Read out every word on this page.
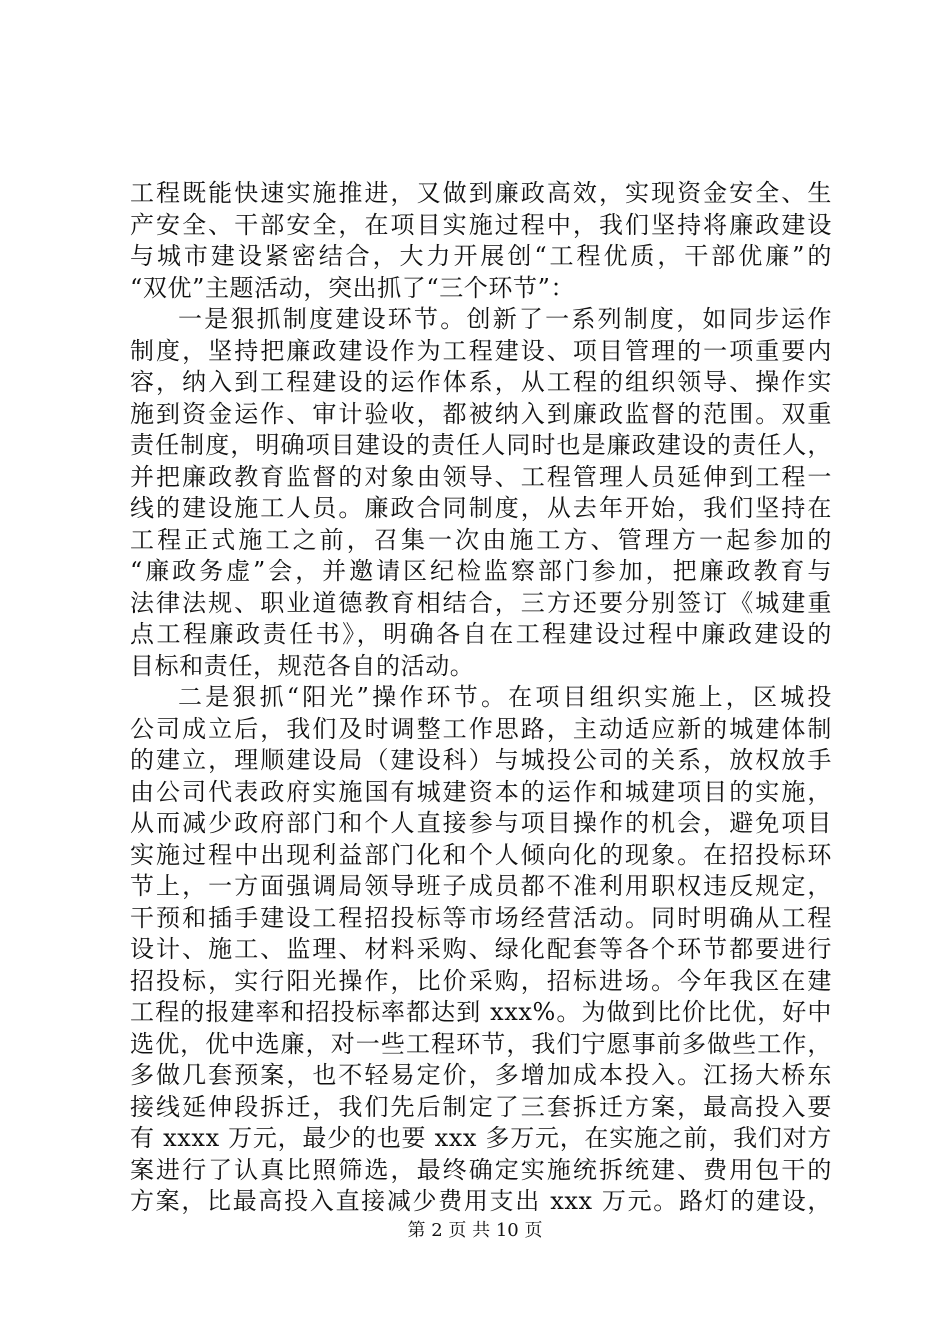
工程既能快速实施推进，又做到廉政高效，实现资金安全、生
产安全、干部安全，在项目实施过程中，我们坚持将廉政建设
与城市建设紧密结合，大力开展创“工程优质，干部优廉”的
“双优”主题活动，突出抓了“三个环节”：
一是狠抓制度建设环节。创新了一系列制度，如同步运作
制度，坚持把廉政建设作为工程建设、项目管理的一项重要内
容，纳入到工程建设的运作体系，从工程的组织领导、操作实
施到资金运作、审计验收，都被纳入到廉政监督的范围。双重
责任制度，明确项目建设的责任人同时也是廉政建设的责任人，
并把廉政教育监督的对象由领导、工程管理人员延伸到工程一
线的建设施工人员。廉政合同制度，从去年开始，我们坚持在
工程正式施工之前，召集一次由施工方、管理方一起参加的
“廉政务虚”会，并邀请区纪检监察部门参加，把廉政教育与
法律法规、职业道德教育相结合，三方还要分别签订《城建重
点工程廉政责任书》，明确各自在工程建设过程中廉政建设的
目标和责任，规范各自的活动。
二是狠抓“阳光”操作环节。在项目组织实施上，区城投
公司成立后，我们及时调整工作思路，主动适应新的城建体制
的建立，理顺建设局（建设科）与城投公司的关系，放权放手
由公司代表政府实施国有城建资本的运作和城建项目的实施，
从而减少政府部门和个人直接参与项目操作的机会，避免项目
实施过程中出现利益部门化和个人倾向化的现象。在招投标环
节上，一方面强调局领导班子成员都不准利用职权违反规定，
干预和插手建设工程招投标等市场经营活动。同时明确从工程
设计、施工、监理、材料采购、绿化配套等各个环节都要进行
招投标，实行阳光操作，比价采购，招标进场。今年我区在建
工程的报建率和招投标率都达到 xxx%。为做到比价比优，好中
选优，优中选廉，对一些工程环节，我们宁愿事前多做些工作，
多做几套预案，也不轻易定价，多增加成本投入。江扬大桥东
接线延伸段拆迁，我们先后制定了三套拆迁方案，最高投入要
有 xxxx 万元，最少的也要 xxx 多万元，在实施之前，我们对方
案进行了认真比照筛选，最终确定实施统拆统建、费用包干的
方案，比最高投入直接减少费用支出 xxx 万元。路灯的建设，
第 2 页 共 10 页
